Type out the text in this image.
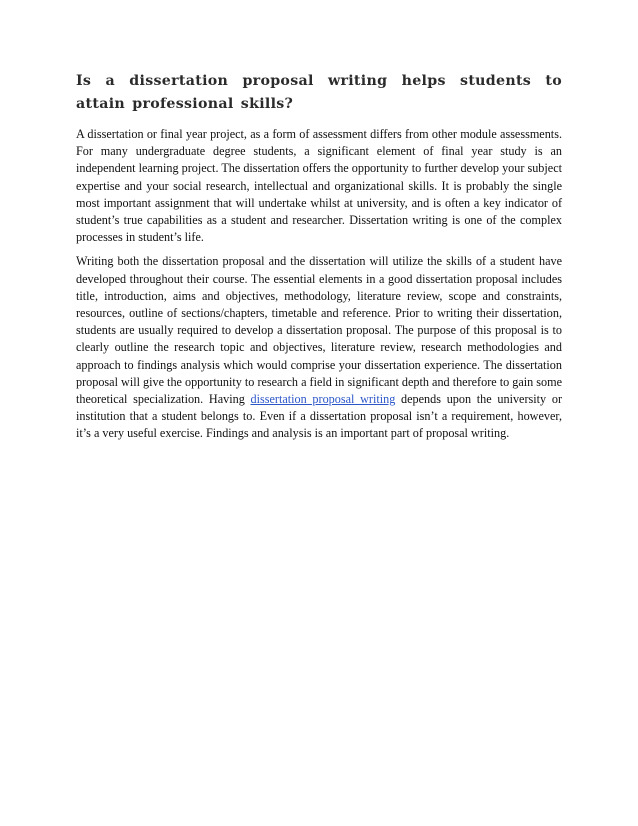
Is a dissertation proposal writing helps students to attain professional skills?

A dissertation or final year project, as a form of assessment differs from other module assessments. For many undergraduate degree students, a significant element of final year study is an independent learning project. The dissertation offers the opportunity to further develop your subject expertise and your social research, intellectual and organizational skills. It is probably the single most important assignment that will undertake whilst at university, and is often a key indicator of student’s true capabilities as a student and researcher. Dissertation writing is one of the complex processes in student’s life.

Writing both the dissertation proposal and the dissertation will utilize the skills of a student have developed throughout their course. The essential elements in a good dissertation proposal includes title, introduction, aims and objectives, methodology, literature review, scope and constraints, resources, outline of sections/chapters, timetable and reference. Prior to writing their dissertation, students are usually required to develop a dissertation proposal. The purpose of this proposal is to clearly outline the research topic and objectives, literature review, research methodologies and approach to findings analysis which would comprise your dissertation experience. The dissertation proposal will give the opportunity to research a field in significant depth and therefore to gain some theoretical specialization. Having dissertation proposal writing depends upon the university or institution that a student belongs to. Even if a dissertation proposal isn’t a requirement, however, it’s a very useful exercise. Findings and analysis is an important part of proposal writing.
